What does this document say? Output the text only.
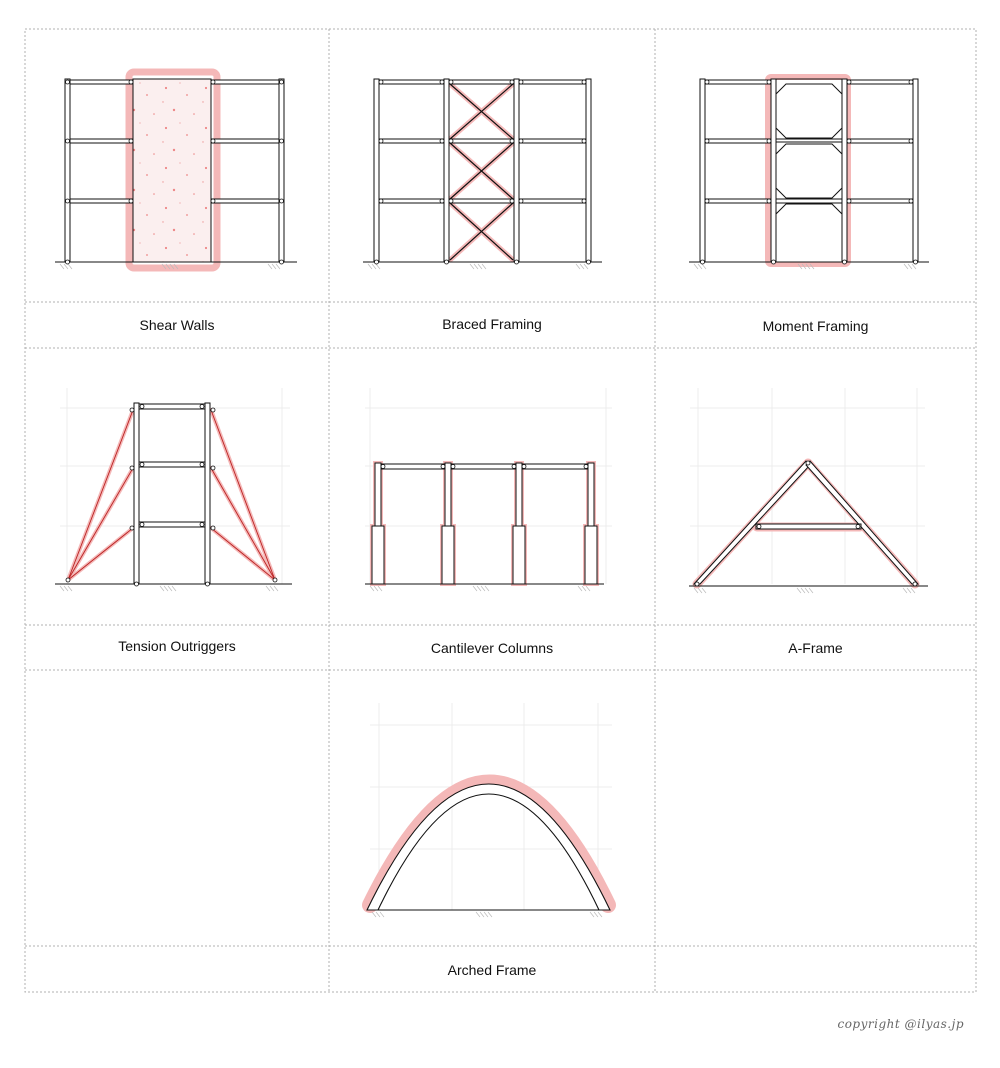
Shear Walls	Braced Framing	Moment Framing
Tension Outriggers	Cantilever Columns	A-Frame
Arched Frame
copyright @ilyas.jp
